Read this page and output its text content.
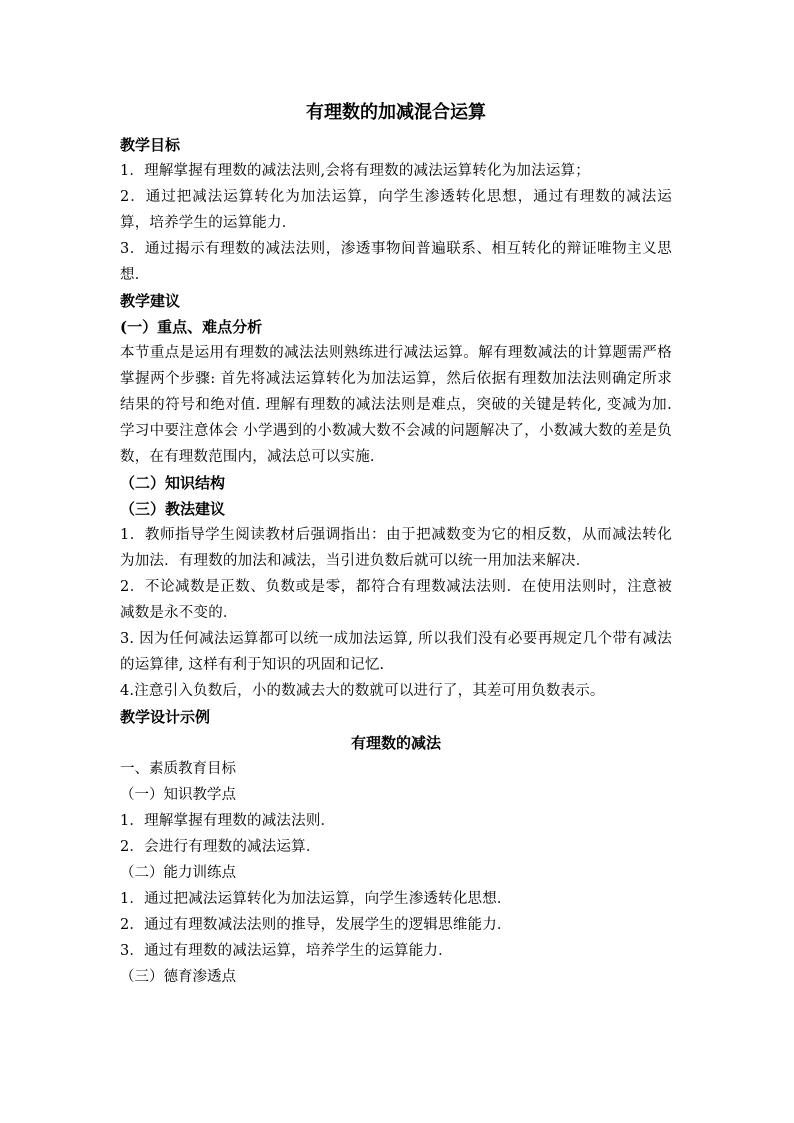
有理数的加减混合运算
教学目标
1．理解掌握有理数的减法法则,会将有理数的减法运算转化为加法运算；
2．通过把减法运算转化为加法运算，向学生渗透转化思想，通过有理数的减法运算，培养学生的运算能力．
3．通过揭示有理数的减法法则，渗透事物间普遍联系、相互转化的辩证唯物主义思想．
教学建议
(一）重点、难点分析
本节重点是运用有理数的减法法则熟练进行减法运算。解有理数减法的计算题需严格掌握两个步骤: 首先将减法运算转化为加法运算，然后依据有理数加法法则确定所求结果的符号和绝对值. 理解有理数的减法法则是难点，突破的关键是转化, 变减为加. 学习中要注意体会 小学遇到的小数减大数不会减的问题解决了，小数减大数的差是负数，在有理数范围内，减法总可以实施.
（二）知识结构
（三）教法建议
1．教师指导学生阅读教材后强调指出：由于把减数变为它的相反数，从而减法转化为加法．有理数的加法和减法，当引进负数后就可以统一用加法来解决．
2．不论减数是正数、负数或是零，都符合有理数减法法则．在使用法则时，注意被减数是永不变的．
3. 因为任何减法运算都可以统一成加法运算, 所以我们没有必要再规定几个带有减法的运算律, 这样有利于知识的巩固和记忆.
4.注意引入负数后，小的数减去大的数就可以进行了，其差可用负数表示。
教学设计示例
有理数的减法
一、素质教育目标
（一）知识教学点
1．理解掌握有理数的减法法则．
2．会进行有理数的减法运算．
（二）能力训练点
1．通过把减法运算转化为加法运算，向学生渗透转化思想．
2．通过有理数减法法则的推导，发展学生的逻辑思维能力．
3．通过有理数的减法运算，培养学生的运算能力．
（三）德育渗透点
